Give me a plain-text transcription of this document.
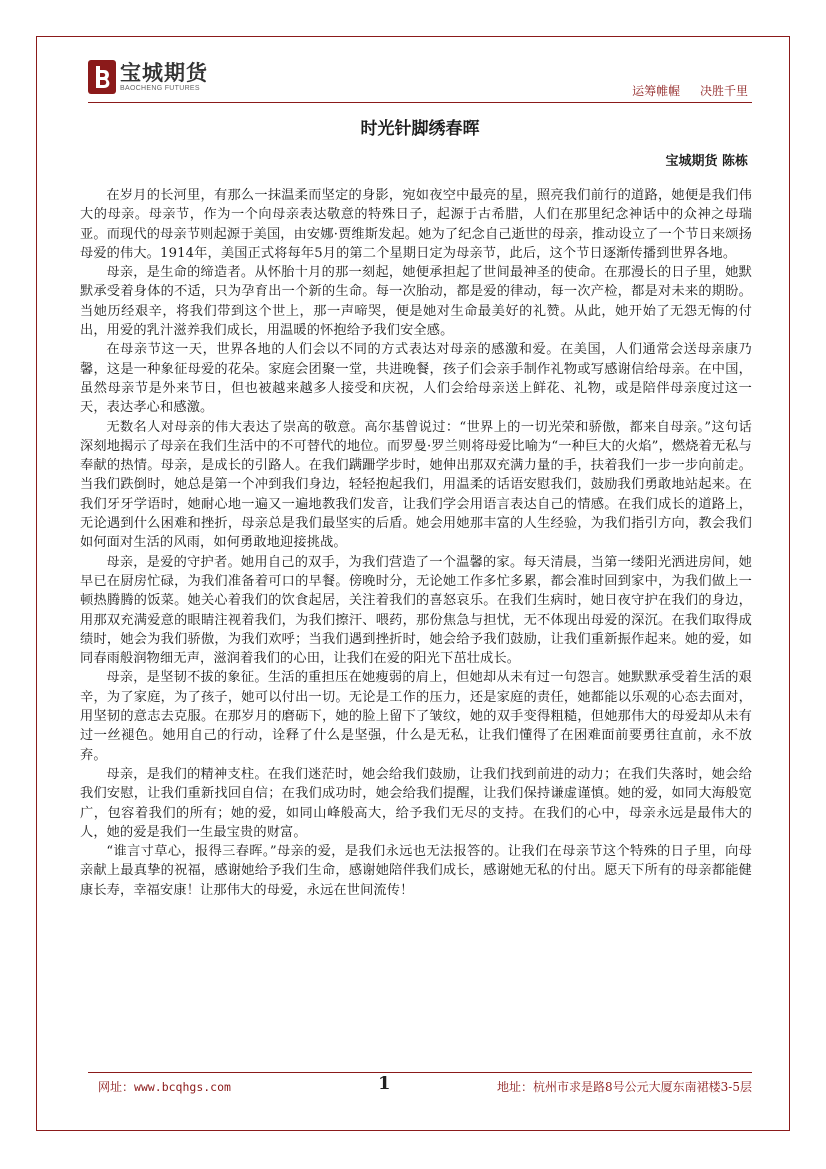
宝城期货
BAOCHENG FUTURES	运筹帷幄 决胜千里
时光针脚绣春晖
宝城期货 陈栋

在岁月的长河里，有那么一抹温柔而坚定的身影，宛如夜空中最亮的星，照亮我们前行的道路，她便是我们伟大的母亲。母亲节，作为一个向母亲表达敬意的特殊日子，起源于古希腊，人们在那里纪念神话中的众神之母瑞亚。而现代的母亲节则起源于美国，由安娜·贾维斯发起。她为了纪念自己逝世的母亲，推动设立了一个节日来颂扬母爱的伟大。1914年，美国正式将每年5月的第二个星期日定为母亲节，此后，这个节日逐渐传播到世界各地。

母亲，是生命的缔造者。从怀胎十月的那一刻起，她便承担起了世间最神圣的使命。在那漫长的日子里，她默默承受着身体的不适，只为孕育出一个新的生命。每一次胎动，都是爱的律动，每一次产检，都是对未来的期盼。当她历经艰辛，将我们带到这个世上，那一声啼哭，便是她对生命最美好的礼赞。从此，她开始了无怨无悔的付出，用爱的乳汁滋养我们成长，用温暖的怀抱给予我们安全感。

在母亲节这一天，世界各地的人们会以不同的方式表达对母亲的感激和爱。在美国，人们通常会送母亲康乃馨，这是一种象征母爱的花朵。家庭会团聚一堂，共进晚餐，孩子们会亲手制作礼物或写感谢信给母亲。在中国，虽然母亲节是外来节日，但也被越来越多人接受和庆祝，人们会给母亲送上鲜花、礼物，或是陪伴母亲度过这一天，表达孝心和感激。

无数名人对母亲的伟大表达了崇高的敬意。高尔基曾说过：“世界上的一切光荣和骄傲，都来自母亲。”这句话深刻地揭示了母亲在我们生活中的不可替代的地位。而罗曼·罗兰则将母爱比喻为“一种巨大的火焰”，燃烧着无私与奉献的热情。母亲，是成长的引路人。在我们蹒跚学步时，她伸出那双充满力量的手，扶着我们一步一步向前走。当我们跌倒时，她总是第一个冲到我们身边，轻轻抱起我们，用温柔的话语安慰我们，鼓励我们勇敢地站起来。在我们牙牙学语时，她耐心地一遍又一遍地教我们发音，让我们学会用语言表达自己的情感。在我们成长的道路上，无论遇到什么困难和挫折，母亲总是我们最坚实的后盾。她会用她那丰富的人生经验，为我们指引方向，教会我们如何面对生活的风雨，如何勇敢地迎接挑战。

母亲，是爱的守护者。她用自己的双手，为我们营造了一个温馨的家。每天清晨，当第一缕阳光洒进房间，她早已在厨房忙碌，为我们准备着可口的早餐。傍晚时分，无论她工作多忙多累，都会准时回到家中，为我们做上一顿热腾腾的饭菜。她关心着我们的饮食起居，关注着我们的喜怒哀乐。在我们生病时，她日夜守护在我们的身边，用那双充满爱意的眼睛注视着我们，为我们擦汗、喂药，那份焦急与担忧，无不体现出母爱的深沉。在我们取得成绩时，她会为我们骄傲，为我们欢呼；当我们遇到挫折时，她会给予我们鼓励，让我们重新振作起来。她的爱，如同春雨般润物细无声，滋润着我们的心田，让我们在爱的阳光下茁壮成长。

母亲，是坚韧不拔的象征。生活的重担压在她瘦弱的肩上，但她却从未有过一句怨言。她默默承受着生活的艰辛，为了家庭，为了孩子，她可以付出一切。无论是工作的压力，还是家庭的责任，她都能以乐观的心态去面对，用坚韧的意志去克服。在那岁月的磨砺下，她的脸上留下了皱纹，她的双手变得粗糙，但她那伟大的母爱却从未有过一丝褪色。她用自己的行动，诠释了什么是坚强，什么是无私，让我们懂得了在困难面前要勇往直前，永不放弃。

母亲，是我们的精神支柱。在我们迷茫时，她会给我们鼓励，让我们找到前进的动力；在我们失落时，她会给我们安慰，让我们重新找回自信；在我们成功时，她会给我们提醒，让我们保持谦虚谨慎。她的爱，如同大海般宽广，包容着我们的所有；她的爱，如同山峰般高大，给予我们无尽的支持。在我们的心中，母亲永远是最伟大的人，她的爱是我们一生最宝贵的财富。

“谁言寸草心，报得三春晖。”母亲的爱，是我们永远也无法报答的。让我们在母亲节这个特殊的日子里，向母亲献上最真挚的祝福，感谢她给予我们生命，感谢她陪伴我们成长，感谢她无私的付出。愿天下所有的母亲都能健康长寿，幸福安康！让那伟大的母爱，永远在世间流传！

网址：www.bcqhgs.com	1	地址：杭州市求是路8号公元大厦东南裙楼3-5层
